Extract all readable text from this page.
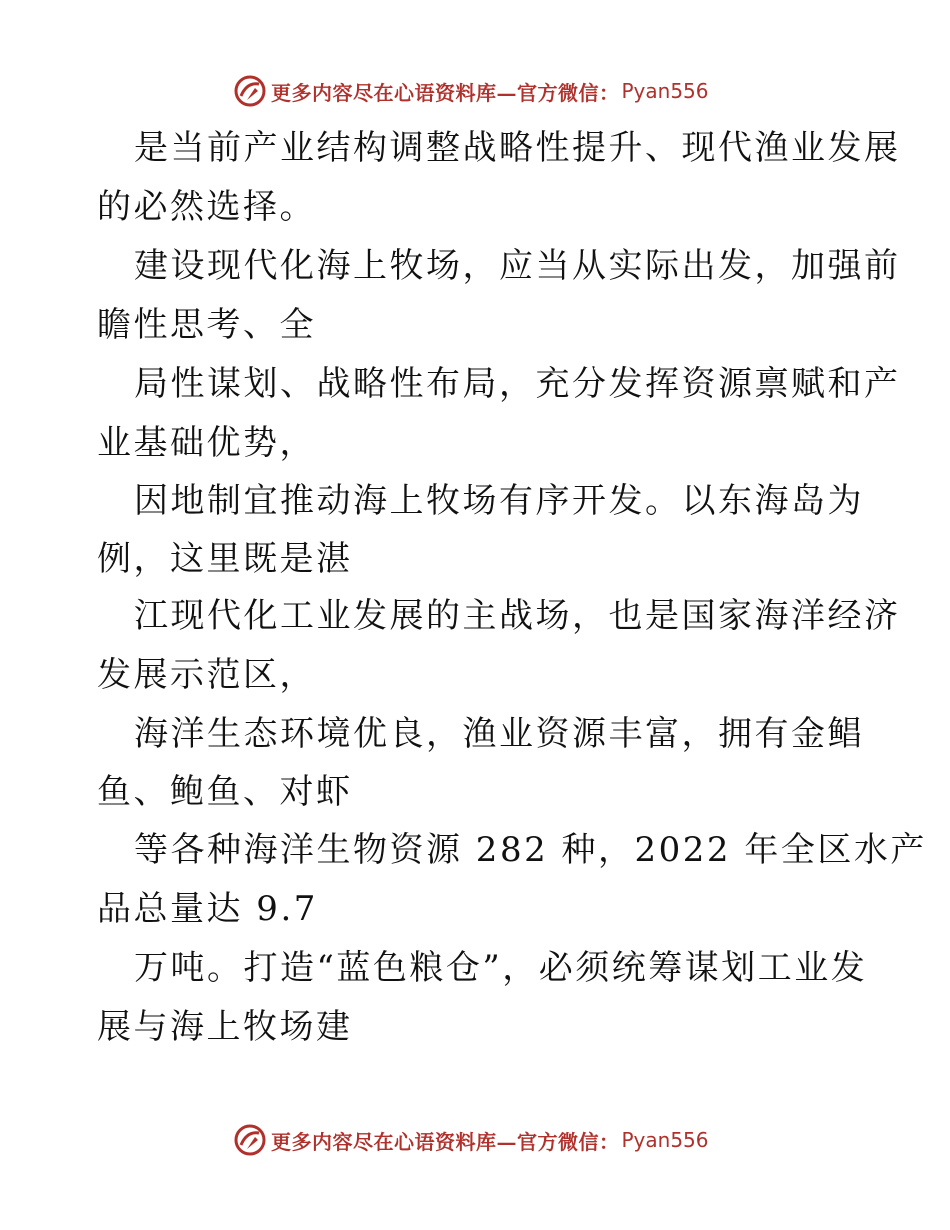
更多内容尽在心语资料库—官方微信： Pyan556
是当前产业结构调整战略性提升、现代渔业发展
的必然选择。
建设现代化海上牧场，应当从实际出发，加强前
瞻性思考、全
局性谋划、战略性布局，充分发挥资源禀赋和产
业基础优势，
因地制宜推动海上牧场有序开发。以东海岛为
例，这里既是湛
江现代化工业发展的主战场，也是国家海洋经济
发展示范区，
海洋生态环境优良，渔业资源丰富，拥有金鲳
鱼、鲍鱼、对虾
等各种海洋生物资源 282 种，2022 年全区水产
品总量达 9.7
万吨。打造“蓝色粮仓”，必须统筹谋划工业发
展与海上牧场建
更多内容尽在心语资料库—官方微信： Pyan556
